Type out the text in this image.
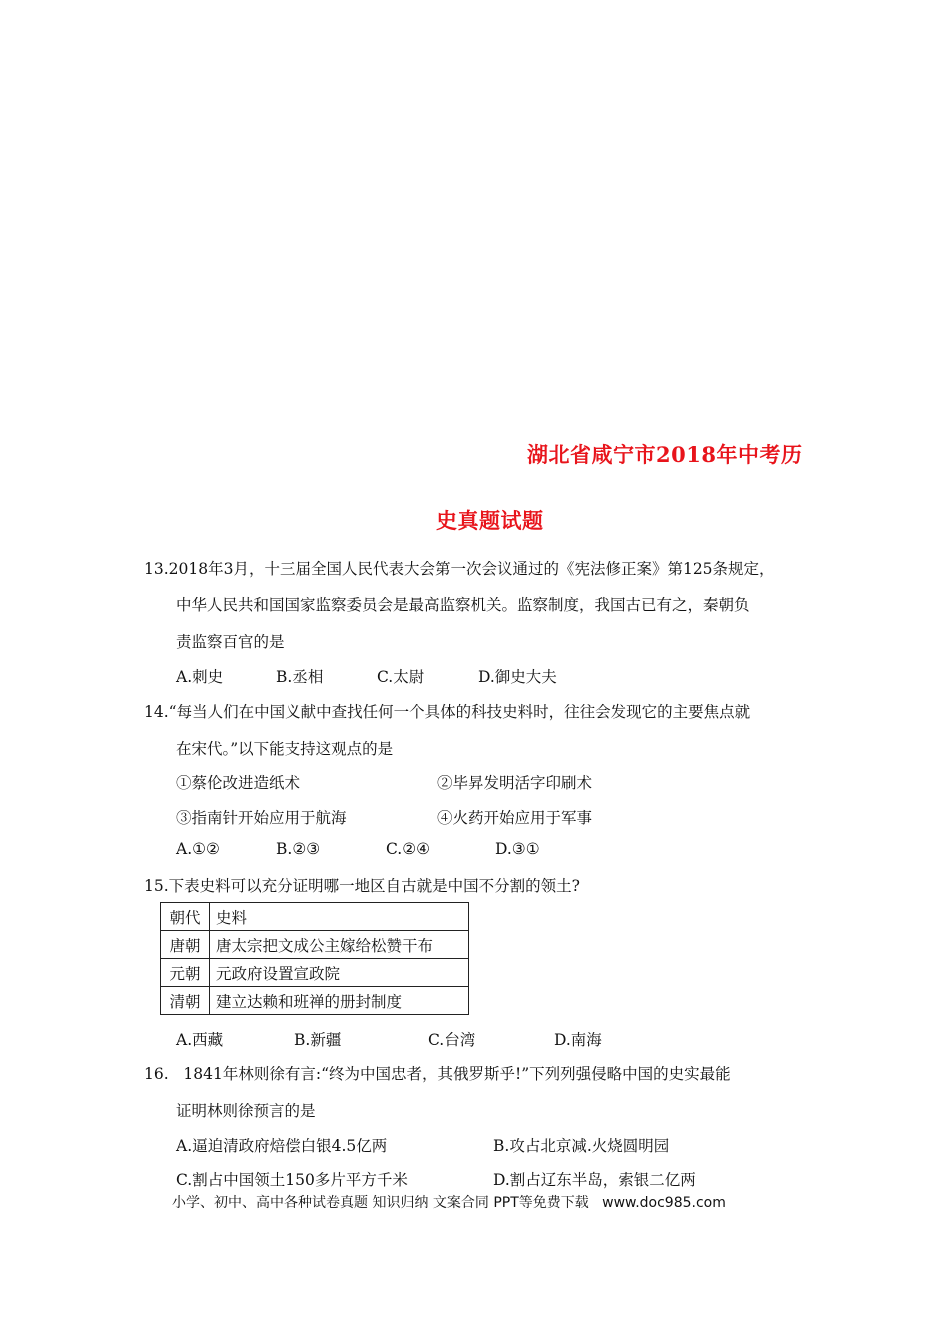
湖北省咸宁市2018年中考历
史真题试题
13.2018年3月，十三届全国人民代表大会第一次会议通过的《宪法修正案》第125条规定，
中华人民共和国国家监察委员会是最高监察机关。监察制度，我国古已有之，秦朝负
责监察百官的是
A.刺史	B.丞相	C.太尉	D.御史大夫
14.“每当人们在中国义献中查找任何一个具体的科技史料时，往往会发现它的主要焦点就
在宋代。”以下能支持这观点的是
①蔡伦改进造纸术	②毕昇发明活字印刷术
③指南针开始应用于航海	④火药开始应用于军事
A.①②	B.②③	C.②④	D.③①
15.下表史料可以充分证明哪一地区自古就是中国不分割的领土?
朝代	史料
唐朝	唐太宗把文成公主嫁给松赞干布
元朝	元政府设置宣政院
清朝	建立达赖和班禅的册封制度
A.西藏	B.新疆	C.台湾	D.南海
16.   1841年林则徐有言:“终为中国忠者，其俄罗斯乎!”下列列强侵略中国的史实最能
证明林则徐预言的是
A.逼迫清政府焙偿白银4.5亿两	B.攻占北京减.火烧圆明园
C.割占中国领土150多片平方千米	D.割占辽东半岛，索银二亿两
小学、初中、高中各种试卷真题 知识归纳 文案合同 PPT等免费下载   www.doc985.com
